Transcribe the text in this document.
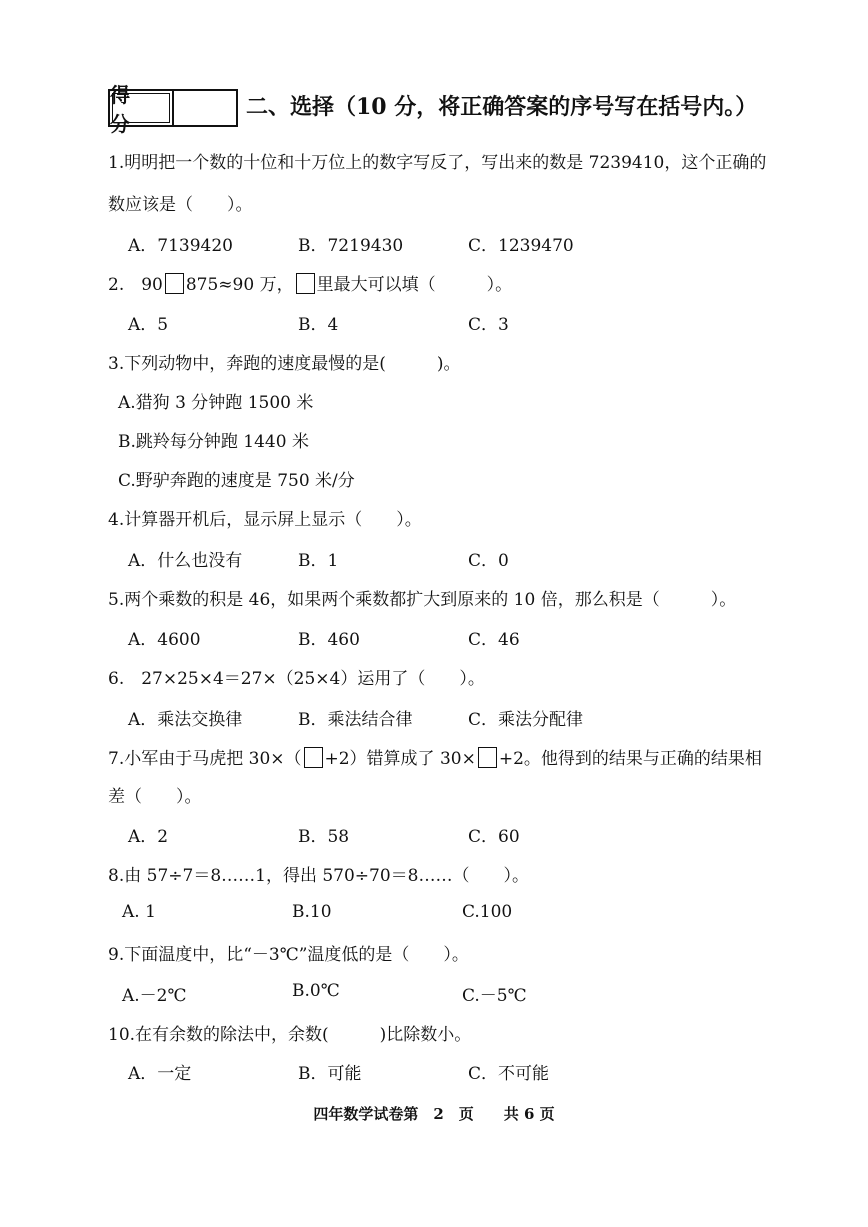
得 分
二、选择（10 分，将正确答案的序号写在括号内。）
1.明明把一个数的十位和十万位上的数字写反了，写出来的数是 7239410，这个正确的
数应该是（　　）。
A．7139420	B．7219430	C．1239470
2.　90 875≈90 万， 里最大可以填（　　　）。
A．5	B．4	C．3
3.下列动物中，奔跑的速度最慢的是(　　　)。
A.猎狗 3 分钟跑 1500 米
B.跳羚每分钟跑 1440 米
C.野驴奔跑的速度是 750 米/分
4.计算器开机后，显示屏上显示（　　）。
A．什么也没有	B．1	C．0
5.两个乘数的积是 46，如果两个乘数都扩大到原来的 10 倍，那么积是（　　　）。
A．4600	B．460	C．46
6.　27×25×4＝27×（25×4）运用了（　　）。
A．乘法交换律	B．乘法结合律	C．乘法分配律
7.小军由于马虎把 30×（ +2）错算成了 30× +2。他得到的结果与正确的结果相
差（　　）。
A．2	B．58	C．60
8.由 57÷7＝8……1，得出 570÷70＝8……（　　）。
A. 1	B.10	C.100
9.下面温度中，比“－3℃”温度低的是（　　）。
A.－2℃	B.0℃	C.－5℃
10.在有余数的除法中，余数(　　　)比除数小。
A．一定	B．可能	C．不可能
四年数学试卷第　2　页　　共 6 页
